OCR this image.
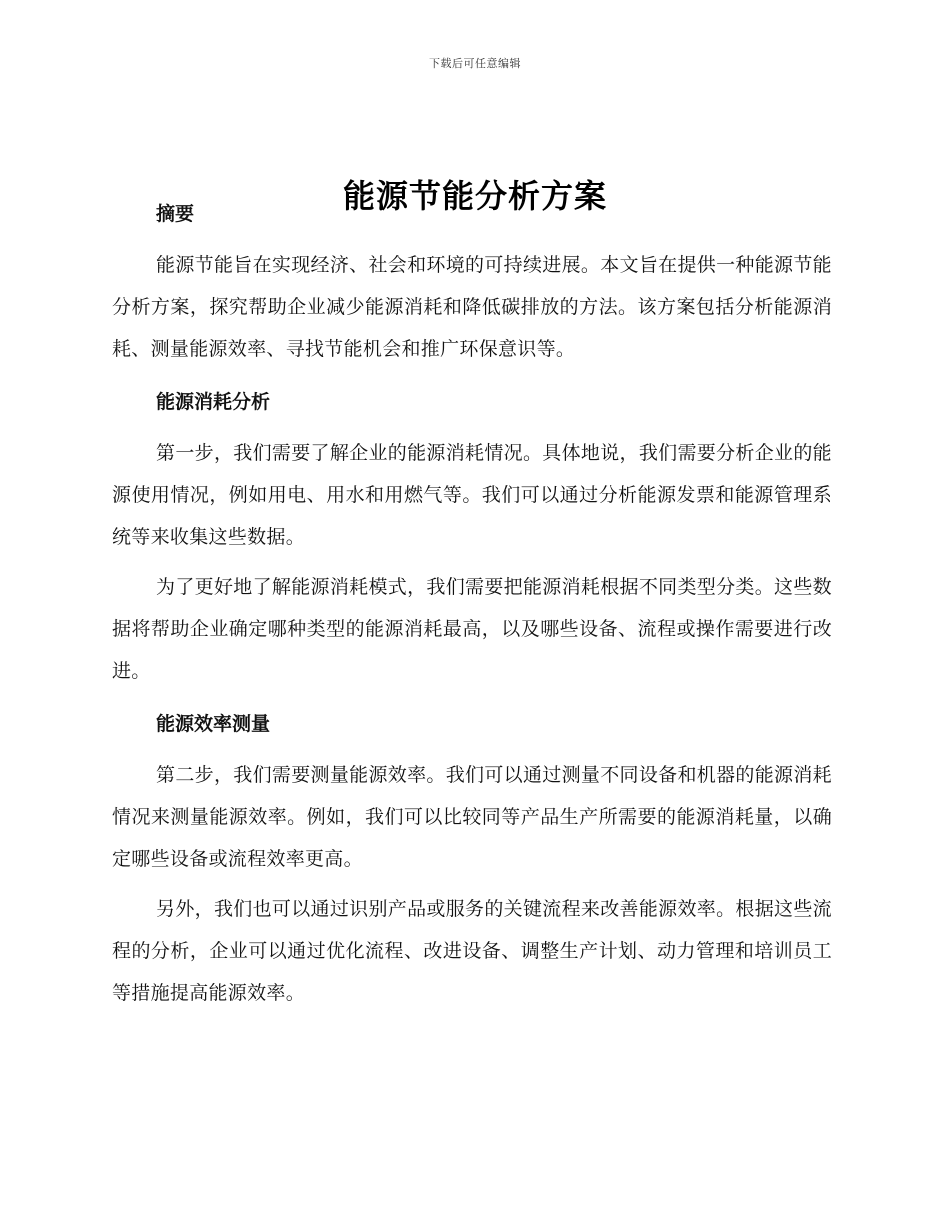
下载后可任意编辑
能源节能分析方案
摘要

能源节能旨在实现经济、社会和环境的可持续进展。本文旨在提供一种能源节能分析方案，探究帮助企业减少能源消耗和降低碳排放的方法。该方案包括分析能源消耗、测量能源效率、寻找节能机会和推广环保意识等。

能源消耗分析

第一步，我们需要了解企业的能源消耗情况。具体地说，我们需要分析企业的能源使用情况，例如用电、用水和用燃气等。我们可以通过分析能源发票和能源管理系统等来收集这些数据。

为了更好地了解能源消耗模式，我们需要把能源消耗根据不同类型分类。这些数据将帮助企业确定哪种类型的能源消耗最高，以及哪些设备、流程或操作需要进行改进。

能源效率测量

第二步，我们需要测量能源效率。我们可以通过测量不同设备和机器的能源消耗情况来测量能源效率。例如，我们可以比较同等产品生产所需要的能源消耗量，以确定哪些设备或流程效率更高。

另外，我们也可以通过识别产品或服务的关键流程来改善能源效率。根据这些流程的分析，企业可以通过优化流程、改进设备、调整生产计划、动力管理和培训员工等措施提高能源效率。
